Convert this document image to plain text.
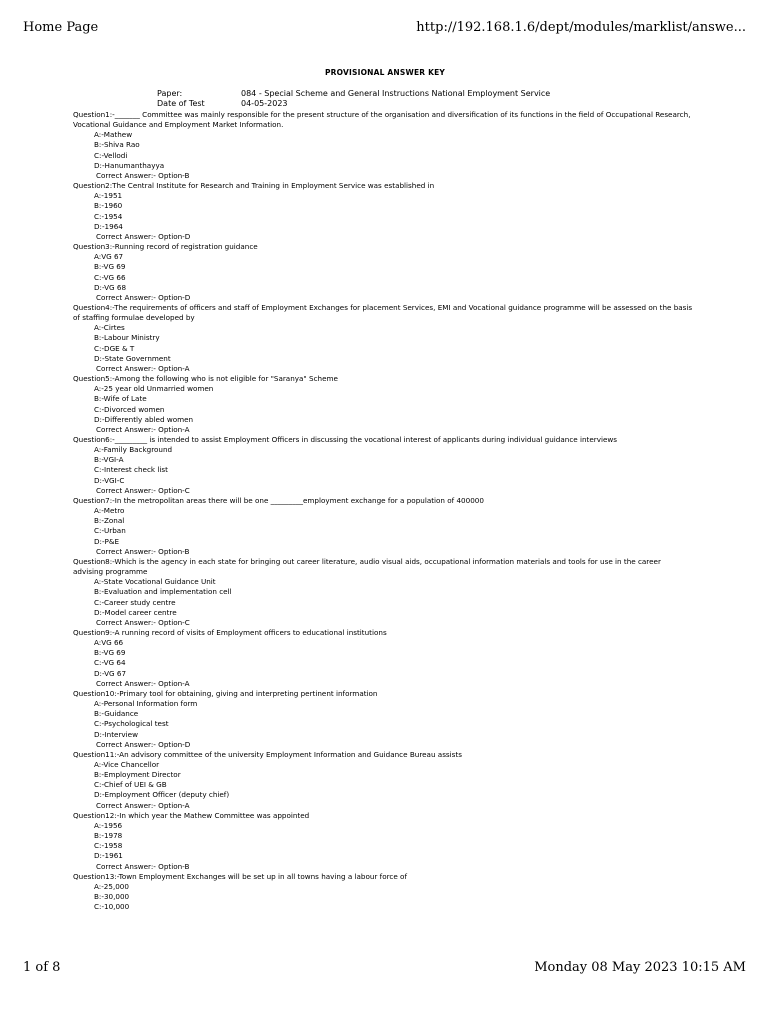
Home Page	http://192.168.1.6/dept/modules/marklist/answe...
PROVISIONAL ANSWER KEY
Paper:	084 - Special Scheme and General Instructions National Employment Service
Date of Test	04-05-2023
Question1:-_______ Committee was mainly responsible for the present structure of the organisation and diversification of its functions in the field of Occupational Research, Vocational Guidance and Employment Market Information.
A:-Mathew
B:-Shiva Rao
C:-Vellodi
D:-Hanumanthayya
Correct Answer:- Option-B
Question2:The Central Institute for Research and Training in Employment Service was established in
A:-1951
B:-1960
C:-1954
D:-1964
Correct Answer:- Option-D
Question3:-Running record of registration guidance
A:VG 67
B:-VG 69
C:-VG 66
D:-VG 68
Correct Answer:- Option-D
Question4:-The requirements of officers and staff of Employment Exchanges for placement Services, EMI and Vocational guidance programme will be assessed on the basis of staffing formulae developed by
A:-Cirtes
B:-Labour Ministry
C:-DGE & T
D:-State Government
Correct Answer:- Option-A
Question5:-Among the following who is not eligible for "Saranya" Scheme
A:-25 year old Unmarried women
B:-Wife of Late
C:-Divorced women
D:-Differently abled women
Correct Answer:- Option-A
Question6:-_________ is intended to assist Employment Officers in discussing the vocational interest of applicants during individual guidance interviews
A:-Family Background
B:-VGI-A
C:-Interest check list
D:-VGI-C
Correct Answer:- Option-C
Question7:-In the metropolitan areas there will be one _________employment exchange for a population of 400000
A:-Metro
B:-Zonal
C:-Urban
D:-P&E
Correct Answer:- Option-B
Question8:-Which is the agency in each state for bringing out career literature, audio visual aids, occupational information materials and tools for use in the career advising programme
A:-State Vocational Guidance Unit
B:-Evaluation and implementation cell
C:-Career study centre
D:-Model career centre
Correct Answer:- Option-C
Question9:-A running record of visits of Employment officers to educational institutions
A:VG 66
B:-VG 69
C:-VG 64
D:-VG 67
Correct Answer:- Option-A
Question10:-Primary tool for obtaining, giving and interpreting pertinent information
A:-Personal Information form
B:-Guidance
C:-Psychological test
D:-Interview
Correct Answer:- Option-D
Question11:-An advisory committee of the university Employment Information and Guidance Bureau assists
A:-Vice Chancellor
B:-Employment Director
C:-Chief of UEI & GB
D:-Employment Officer (deputy chief)
Correct Answer:- Option-A
Question12:-In which year the Mathew Committee was appointed
A:-1956
B:-1978
C:-1958
D:-1961
Correct Answer:- Option-B
Question13:-Town Employment Exchanges will be set up in all towns having a labour force of
A:-25,000
B:-30,000
C:-10,000
1 of 8	Monday 08 May 2023 10:15 AM
